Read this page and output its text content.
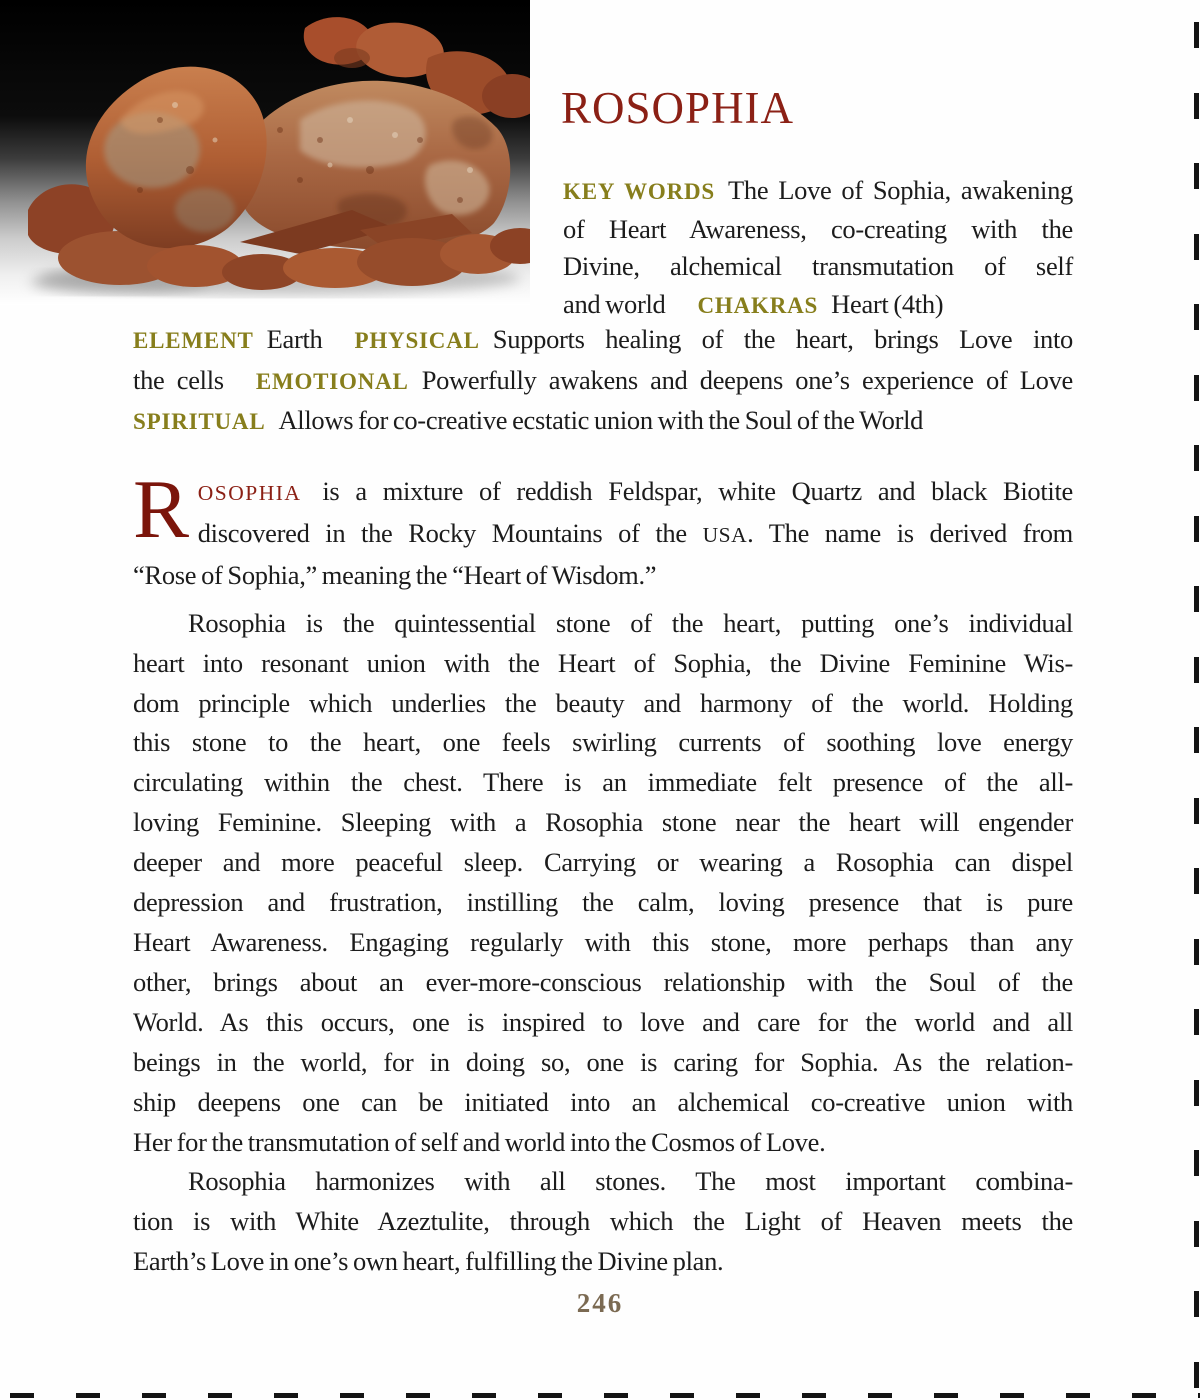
ROSOPHIA
KEY WORDS The Love of Sophia, awakening
of Heart Awareness, co-creating with the
Divine, alchemical transmutation of self
and world CHAKRAS Heart (4th)
ELEMENT Earth PHYSICAL Supports healing of the heart, brings Love into
the cells EMOTIONAL Powerfully awakens and deepens one’s experience of Love
SPIRITUAL Allows for co-creative ecstatic union with the Soul of the World
R OSOPHIA is a mixture of reddish Feldspar, white Quartz and black Biotite
discovered in the Rocky Mountains of the USA. The name is derived from
“Rose of Sophia,” meaning the “Heart of Wisdom.”
Rosophia is the quintessential stone of the heart, putting one’s individual
heart into resonant union with the Heart of Sophia, the Divine Feminine Wis-
dom principle which underlies the beauty and harmony of the world. Holding
this stone to the heart, one feels swirling currents of soothing love energy
circulating within the chest. There is an immediate felt presence of the all-
loving Feminine. Sleeping with a Rosophia stone near the heart will engender
deeper and more peaceful sleep. Carrying or wearing a Rosophia can dispel
depression and frustration, instilling the calm, loving presence that is pure
Heart Awareness. Engaging regularly with this stone, more perhaps than any
other, brings about an ever-more-conscious relationship with the Soul of the
World. As this occurs, one is inspired to love and care for the world and all
beings in the world, for in doing so, one is caring for Sophia. As the relation-
ship deepens one can be initiated into an alchemical co-creative union with
Her for the transmutation of self and world into the Cosmos of Love.
Rosophia harmonizes with all stones. The most important combina-
tion is with White Azeztulite, through which the Light of Heaven meets the
Earth’s Love in one’s own heart, fulfilling the Divine plan.
246
